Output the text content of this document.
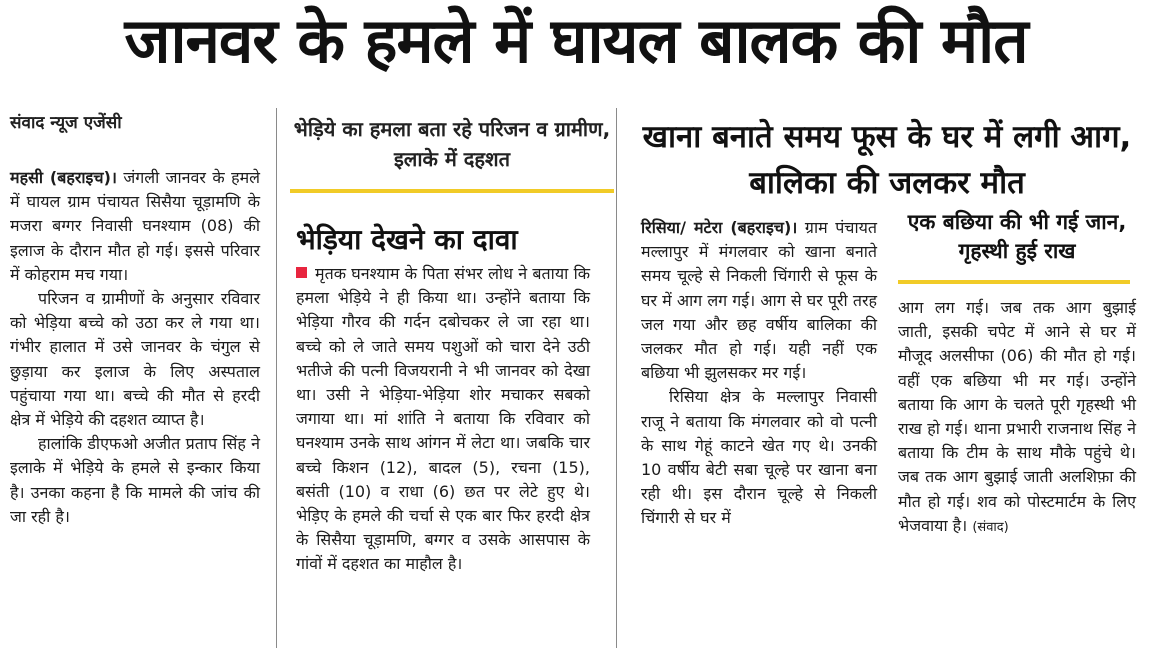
जानवर के हमले में घायल बालक की मौत
संवाद न्यूज एजेंसी

महसी (बहराइच)। जंगली जानवर के हमले में घायल ग्राम पंचायत सिसैया चूड़ामणि के मजरा बग्गर निवासी घनश्याम (08) की इलाज के दौरान मौत हो गई। इससे परिवार में कोहराम मच गया।

परिजन व ग्रामीणों के अनुसार रविवार को भेड़िया बच्चे को उठा कर ले गया था। गंभीर हालात में उसे जानवर के चंगुल से छुड़ाया कर इलाज के लिए अस्पताल पहुंचाया गया था। बच्चे की मौत से हरदी क्षेत्र में भेड़िये की दहशत व्याप्त है।

हालांकि डीएफओ अजीत प्रताप सिंह ने इलाके में भेड़िये के हमले से इन्कार किया है। उनका कहना है कि मामले की जांच की जा रही है।

भेड़िये का हमला बता रहे परिजन व ग्रामीण, इलाके में दहशत
भेड़िया देखने का दावा

मृतक घनश्याम के पिता संभर लोध ने बताया कि हमला भेड़िये ने ही किया था। उन्होंने बताया कि भेड़िया गौरव की गर्दन दबोचकर ले जा रहा था। बच्चे को ले जाते समय पशुओं को चारा देने उठी भतीजे की पत्नी विजयरानी ने भी जानवर को देखा था। उसी ने भेड़िया-भेड़िया शोर मचाकर सबको जगाया था। मां शांति ने बताया कि रविवार को घनश्याम उनके साथ आंगन में लेटा था। जबकि चार बच्चे किशन (12), बादल (5), रचना (15), बसंती (10) व राधा (6) छत पर लेटे हुए थे। भेड़िए के हमले की चर्चा से एक बार फिर हरदी क्षेत्र के सिसैया चूड़ामणि, बग्गर व उसके आसपास के गांवों में दहशत का माहौल है।

खाना बनाते समय फूस के घर में लगी आग, बालिका की जलकर मौत

रिसिया/ मटेरा (बहराइच)। ग्राम पंचायत मल्लापुर में मंगलवार को खाना बनाते समय चूल्हे से निकली चिंगारी से फूस के घर में आग लग गई। आग से घर पूरी तरह जल गया और छह वर्षीय बालिका की जलकर मौत हो गई। यही नहीं एक बछिया भी झुलसकर मर गई।

रिसिया क्षेत्र के मल्लापुर निवासी राजू ने बताया कि मंगलवार को वो पत्नी के साथ गेहूं काटने खेत गए थे। उनकी 10 वर्षीय बेटी सबा चूल्हे पर खाना बना रही थी। इस दौरान चूल्हे से निकली चिंगारी से घर में

एक बछिया की भी गई जान, गृहस्थी हुई राख

आग लग गई। जब तक आग बुझाई जाती, इसकी चपेट में आने से घर में मौजूद अलसीफा (06) की मौत हो गई। वहीं एक बछिया भी मर गई। उन्होंने बताया कि आग के चलते पूरी गृहस्थी भी राख हो गई। थाना प्रभारी राजनाथ सिंह ने बताया कि टीम के साथ मौके पहुंचे थे। जब तक आग बुझाई जाती अलशिफ़ा की मौत हो गई। शव को पोस्टमार्टम के लिए भेजवाया है। (संवाद)
